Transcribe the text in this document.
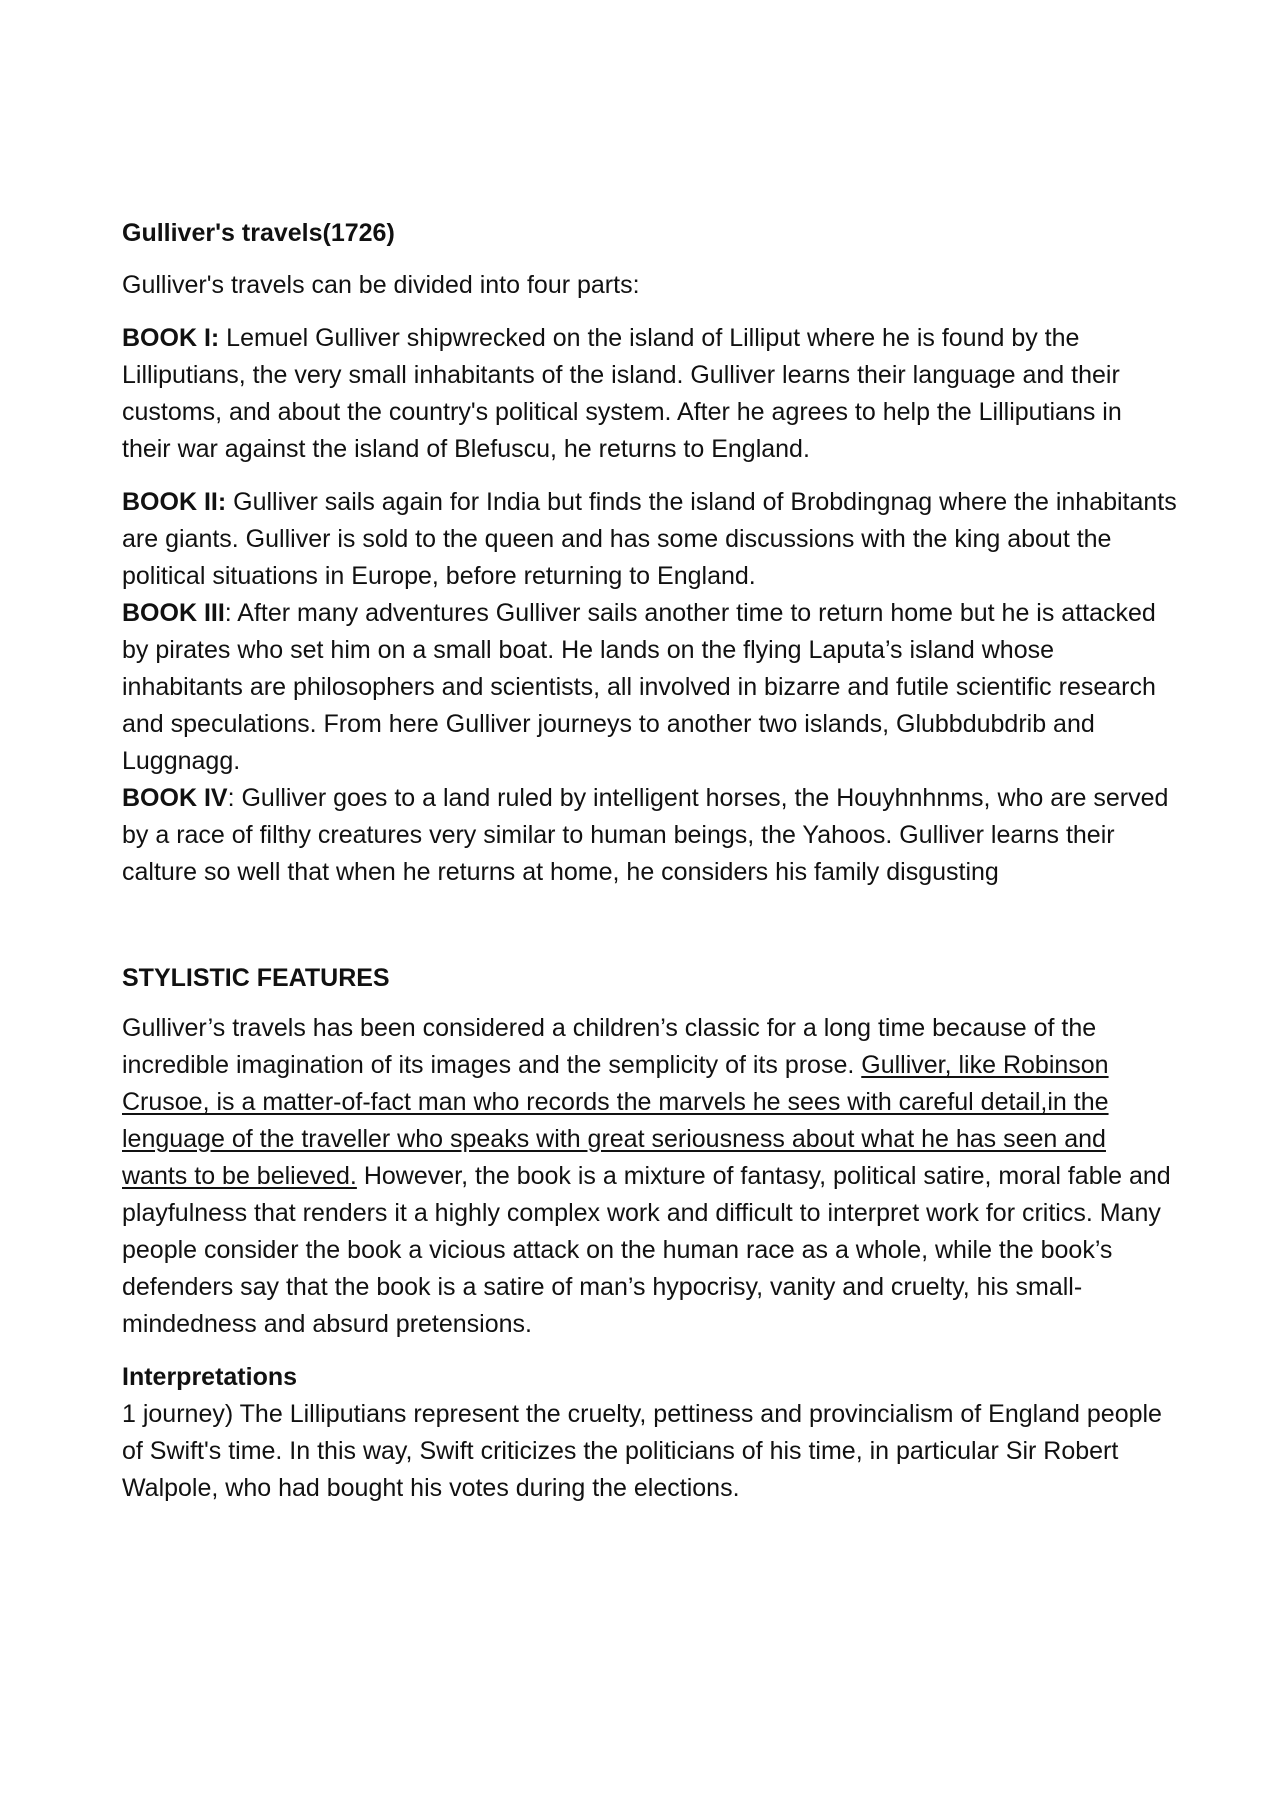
Gulliver's travels(1726)

Gulliver's travels can be divided into four parts:

BOOK I: Lemuel Gulliver shipwrecked on the island of Lilliput where he is found by the Lilliputians, the very small inhabitants of the island. Gulliver learns their language and their customs, and about the country's political system. After he agrees to help the Lilliputians in their war against the island of Blefuscu, he returns to England.

BOOK II: Gulliver sails again for India but finds the island of Brobdingnag where the inhabitants are giants. Gulliver is sold to the queen and has some discussions with the king about the political situations in Europe, before returning to England.

BOOK III: After many adventures Gulliver sails another time to return home but he is attacked by pirates who set him on a small boat. He lands on the flying Laputa’s island whose inhabitants are philosophers and scientists, all involved in bizarre and futile scientific research and speculations. From here Gulliver journeys to another two islands, Glubbdubdrib and Luggnagg.

BOOK IV: Gulliver goes to a land ruled by intelligent horses, the Houyhnhnms, who are served by a race of filthy creatures very similar to human beings, the Yahoos. Gulliver learns their calture so well that when he returns at home, he considers his family disgusting

STYLISTIC FEATURES

Gulliver’s travels has been considered a children’s classic for a long time because of the incredible imagination of its images and the semplicity of its prose. Gulliver, like Robinson Crusoe, is a matter-of-fact man who records the marvels he sees with careful detail,in the lenguage of the traveller who speaks with great seriousness about what he has seen and wants to be believed. However, the book is a mixture of fantasy, political satire, moral fable and playfulness that renders it a highly complex work and difficult to interpret work for critics. Many people consider the book a vicious attack on the human race as a whole, while the book’s defenders say that the book is a satire of man’s hypocrisy, vanity and cruelty, his small-mindedness and absurd pretensions.

Interpretations

1 journey) The Lilliputians represent the cruelty, pettiness and provincialism of England people of Swift's time. In this way, Swift criticizes the politicians of his time, in particular Sir Robert Walpole, who had bought his votes during the elections.
